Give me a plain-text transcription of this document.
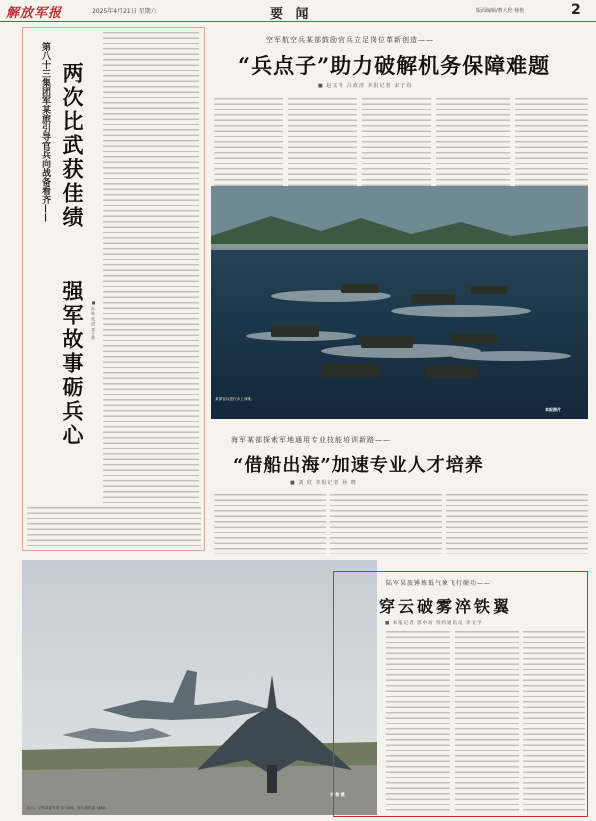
解放军报	2025年4月21日 星期六	要 闻	版面编辑/曹大伦 杨艳	2
第八十三集团军某旅引导官兵向战备看齐—— 两次比武获佳绩
强军故事砺兵心	■ 孙 林 张 清 李子斌
空军航空兵某部鼓励官兵立足岗位革新创造——
“兵点子”助力破解机务保障难题
■ 赵又冬 吕政清 本报记者 宋子均
某部官兵进行水上训练。
本报图片
海军某部探索军地通用专业技能培训新路——
“借船出海”加速专业人才培养
■ 刘 欣 本报记者 孙 晓
近日，空军某部开展飞行训练。图为战机起飞瞬间。
刘 敬 摄
陆军某旅锤炼低气象飞行硬功——
穿云破雾淬铁翼
■ 本报记者 郭中坊 特约通讯员 李文学
